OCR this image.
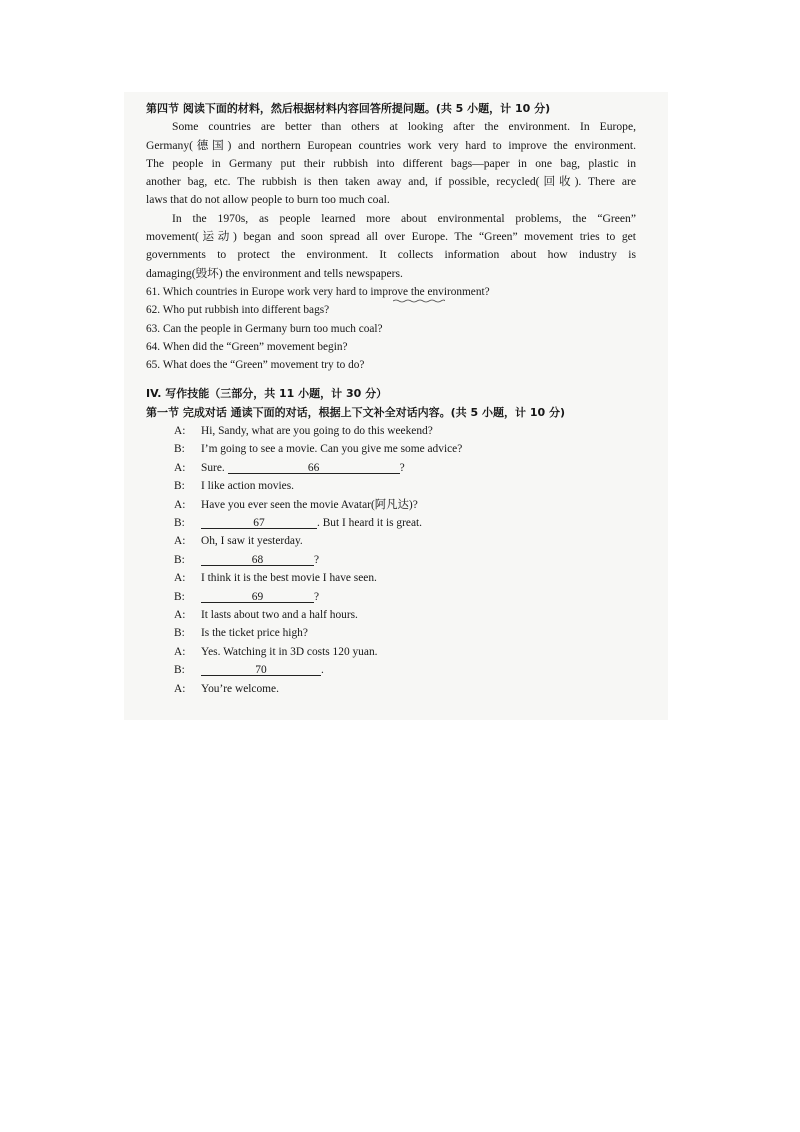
第四节 阅读下面的材料，然后根据材料内容回答所提问题。(共 5 小题，计 10 分)
Some countries are better than others at looking after the environment. In Europe,
Germany(德国) and northern European countries work very hard to improve the environment.
The people in Germany put their rubbish into different bags—paper in one bag, plastic in
another bag, etc. The rubbish is then taken away and, if possible, recycled(回收). There are
laws that do not allow people to burn too much coal.
In the 1970s, as people learned more about environmental problems, the “Green”
movement(运动) began and soon spread all over Europe. The “Green” movement tries to get
governments to protect the environment. It collects information about how industry is
damaging(毁坏) the environment and tells newspapers.
61. Which countries in Europe work very hard to improve the environment?
62. Who put rubbish into different bags?
63. Can the people in Germany burn too much coal?
64. When did the “Green” movement begin?
65. What does the “Green” movement try to do?
IV. 写作技能（三部分，共 11 小题，计 30 分）
第一节 完成对话 通读下面的对话，根据上下文补全对话内容。(共 5 小题，计 10 分)
A: Hi, Sandy, what are you going to do this weekend?
B: I’m going to see a movie. Can you give me some advice?
A: Sure.	66	?
B: I like action movies.
A: Have you ever seen the movie Avatar(阿凡达)?
B:	67	. But I heard it is great.
A: Oh, I saw it yesterday.
B:	68	?
A: I think it is the best movie I have seen.
B:	69	?
A: It lasts about two and a half hours.
B: Is the ticket price high?
A: Yes. Watching it in 3D costs 120 yuan.
B:	70	.
A: You’re welcome.
